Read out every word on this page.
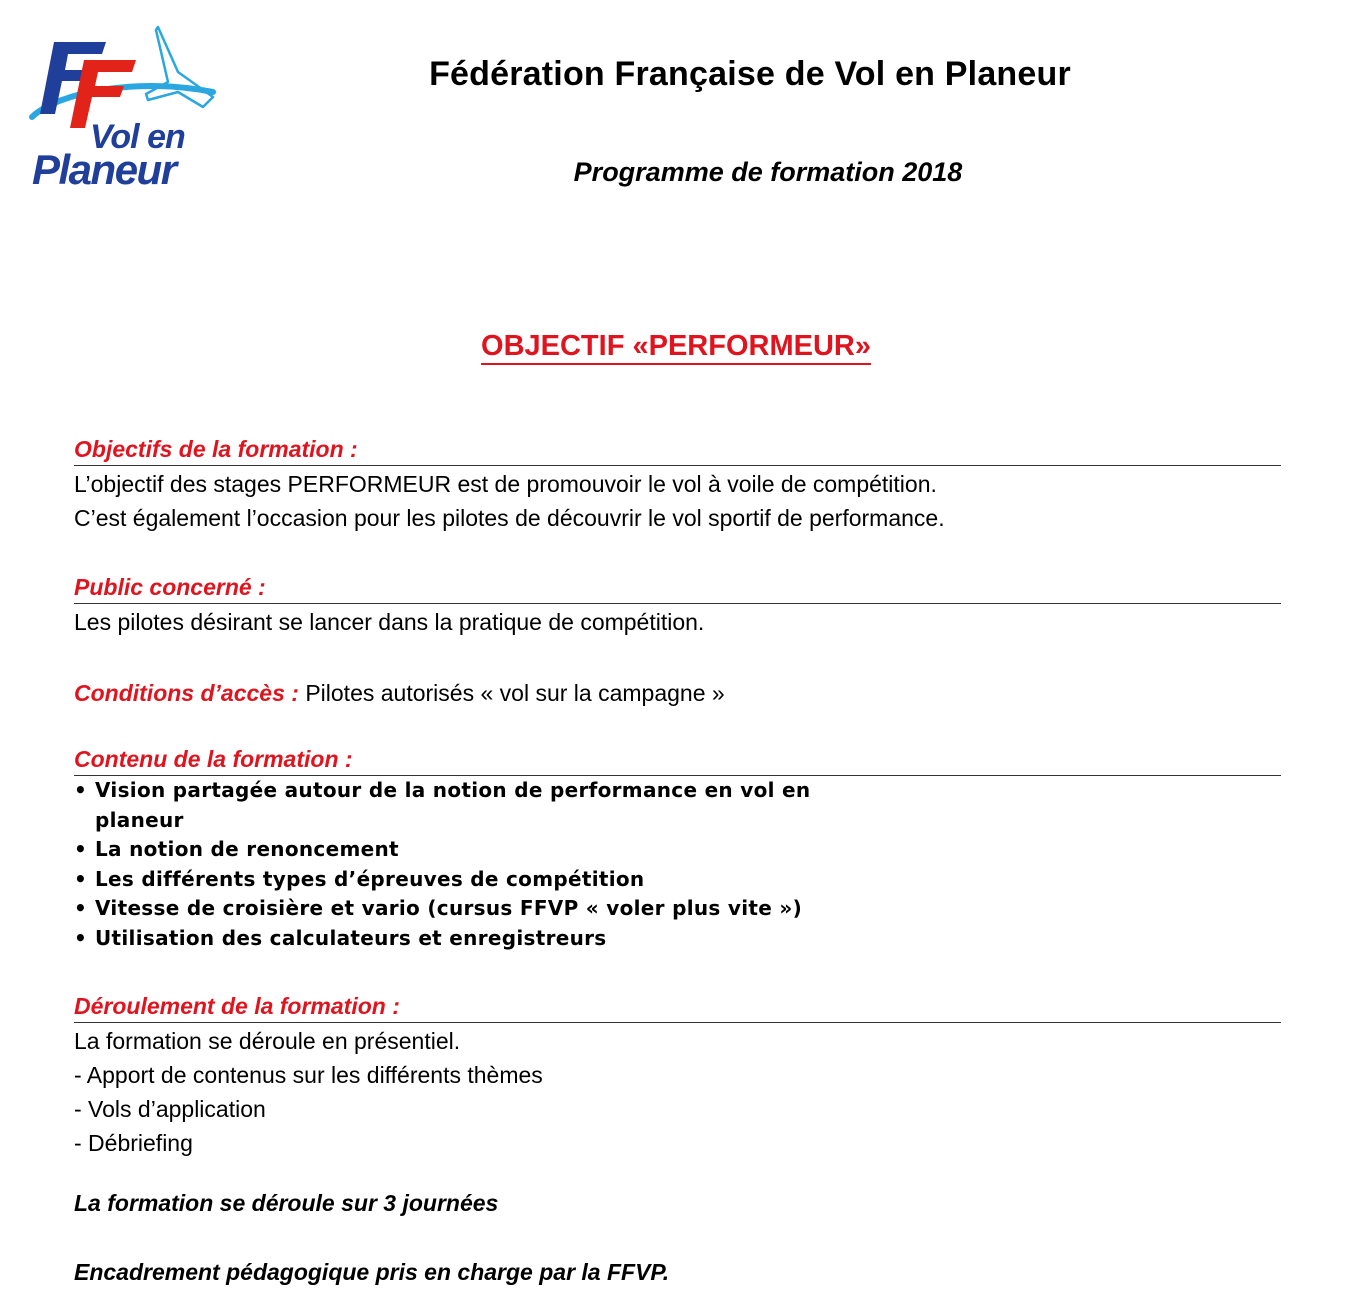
Vol en
Planeur
Fédération Française de Vol en Planeur
Programme de formation 2018
OBJECTIF «PERFORMEUR»
Objectifs de la formation :
L’objectif des stages PERFORMEUR est de promouvoir le vol à voile de compétition.
C’est également l’occasion pour les pilotes de découvrir le vol sportif de performance.
Public concerné :
Les pilotes désirant se lancer dans la pratique de compétition.
Conditions d’accès : Pilotes autorisés « vol sur la campagne »
Contenu de la formation :
• Vision partagée autour de la notion de performance en vol en planeur
• La notion de renoncement
• Les différents types d’épreuves de compétition
• Vitesse de croisière et vario (cursus FFVP « voler plus vite »)
• Utilisation des calculateurs et enregistreurs
Déroulement de la formation :
La formation se déroule en présentiel.
- Apport de contenus sur les différents thèmes
- Vols d’application
- Débriefing
La formation se déroule sur 3 journées
Encadrement pédagogique pris en charge par la FFVP.
